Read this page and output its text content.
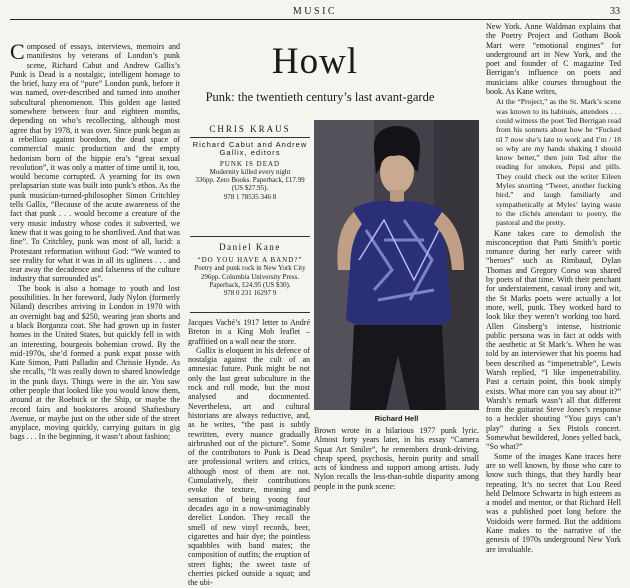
MUSIC	33

Composed of essays, interviews, memoirs and manifestos by veterans of London’s punk scene, Richard Cabut and Andrew Gallix’s Punk is Dead is a nostalgic, intelligent homage to the brief, hazy era of “pure” London punk, before it was named, over-described and turned into another subcultural phenomenon. This golden age lasted somewhere between four and eighteen months, depending on who’s recollecting, although most agree that by 1978, it was over. Since punk began as a rebellion against boredom, the dead space of commercial music production and the empty hedonism born of the hippie era’s “great sexual revolution”, it was only a matter of time until it, too, would become corrupted. A yearning for its own prelapsarian state was built into punk’s ethos. As the punk musician-turned-philosopher Simon Critchley tells Gallix, “Because of the acute awareness of the fact that punk . . . would become a creature of the very music industry whose codes it subverted, we knew that it was going to be shortlived. And that was fine”. To Critchley, punk was most of all, lucid: a Protestant reformation without God: “We wanted to see reality for what it was in all its ugliness . . . and tear away the decadence and falseness of the culture industry that surrounded us”.

The book is also a homage to youth and lost possibilities. In her foreword, Judy Nylon (formerly Niland) describes arriving in London in 1970 with an overnight bag and $250, wearing jean shorts and a black Borganza coat. She had grown up in foster homes in the United States, but quickly fell in with an interesting, bourgeois bohemian crowd. By the mid-1970s, she’d formed a punk expat posse with Kate Simon, Patti Palladin and Chrissie Hynde. As she recalls, “It was really down to shared knowledge in the punk days. Things were in the air. You saw other people that looked like you would know them, around at the Roebuck or the Ship, or maybe the record fairs and bookstores around Shaftesbury Avenue, or maybe just on the other side of the street anyplace, moving quickly, carrying guitars in gig bags . . . In the beginning, it wasn’t about fashion;

Howl
Punk: the twentieth century’s last avant-garde
CHRIS KRAUS
Richard Cabut and Andrew Gallix, editors
PUNK IS DEAD
Modernity killed every night
336pp. Zero Books. Paperback, £17.99 (US $27.95).
978 1 78535 346 8
Daniel Kane
“DO YOU HAVE A BAND?”
Poetry and punk rock in New York City
296pp. Columbia University Press. Paperback, £24.95 (US $30).
978 0 231 16297 9

Jacques Vaché’s 1917 letter to André Breton in a King Mob leaflet – graffitied on a wall near the store.

Gallix is eloquent in his defence of nostalgia against the cult of an amnesiac future. Punk might be not only the last great subculture in the rock and roll mode, but the most analysed and documented. Nevertheless, art and cultural historians are always reductive, and, as he writes, “the past is subtly rewritten, every nuance gradually airbrushed out of the picture”. Some of the contributors to Punk is Dead are professional writers and critics, although most of them are not. Cumulatively, their contributions evoke the texture, meaning and sensation of being young four decades ago in a now-unimaginably derelict London. They recall the smell of new vinyl records, beer, cigarettes and hair dye; the pointless squabbles with band mates; the composition of outfits; the eruption of street fights; the sweet taste of cherries picked outside a squat; and the ubi-

Richard Hell

Brown wrote in a hilarious 1977 punk lyric. Almost forty years later, in his essay “Camera Squat Art Smiler”, he remembers drunk-driving, cheap speed, psychosis, heroin purity and small acts of kindness and support among artists. Judy Nylon recalls the less-than-subtle disparity among people in the punk scene:

New York. Anne Waldman explains that the Poetry Project and Gotham Book Mart were “emotional engines” for underground art in New York, and the poet and founder of C magazine Ted Berrigan’s influence on poets and musicians alike courses throughout the book. As Kane writes,

At the “Project,” as the St. Mark’s scene was known to its habitués, attendees . . . could witness the poet Ted Berrigan read from his sonnets about how he “Fucked til 7 now she’s late to work and I’m / 18 so why are my hands shaking I should know better,” then join Ted after the reading for smokes, Pepsi and pills. They could check out the writer Eileen Myles snorting “Tweet, another fucking bird,” and laugh familiarly and sympathetically at Myles’ laying waste to the clichés attendant to poetry, the pastoral and the pretty.

Kane takes care to demolish the misconception that Patti Smith’s poetic romance during her early career with “heroes” such as Rimbaud, Dylan Thomas and Gregory Corso was shared by poets of that time. With their penchant for understatement, casual irony and wit, the St Marks poets were actually a lot more, well, punk. They worked hard to look like they weren’t working too hard. Allen Ginsberg’s intense, histrionic public persona was in fact at odds with the aesthetic at St Mark’s. When he was told by an interviewer that his poems had been described as “impenetrable”, Lewis Warsh replied, “I like impenetrability. Past a certain point, this book simply exists. What more can you say about it?” Warsh’s remark wasn’t all that different from the guitarist Steve Jones’s response to a heckler shouting “You guys can’t play” during a Sex Pistols concert. Somewhat bewildered, Jones yelled back, “So what?”

Some of the images Kane traces here are so well known, by those who care to know such things, that they hardly bear repeating. It’s no secret that Lou Reed held Delmore Schwartz in high esteem as a model and mentor, or that Richard Hell was a published poet long before the Voidoids were formed. But the additions Kane makes to the narrative of the genesis of 1970s underground New York are invaluable.
